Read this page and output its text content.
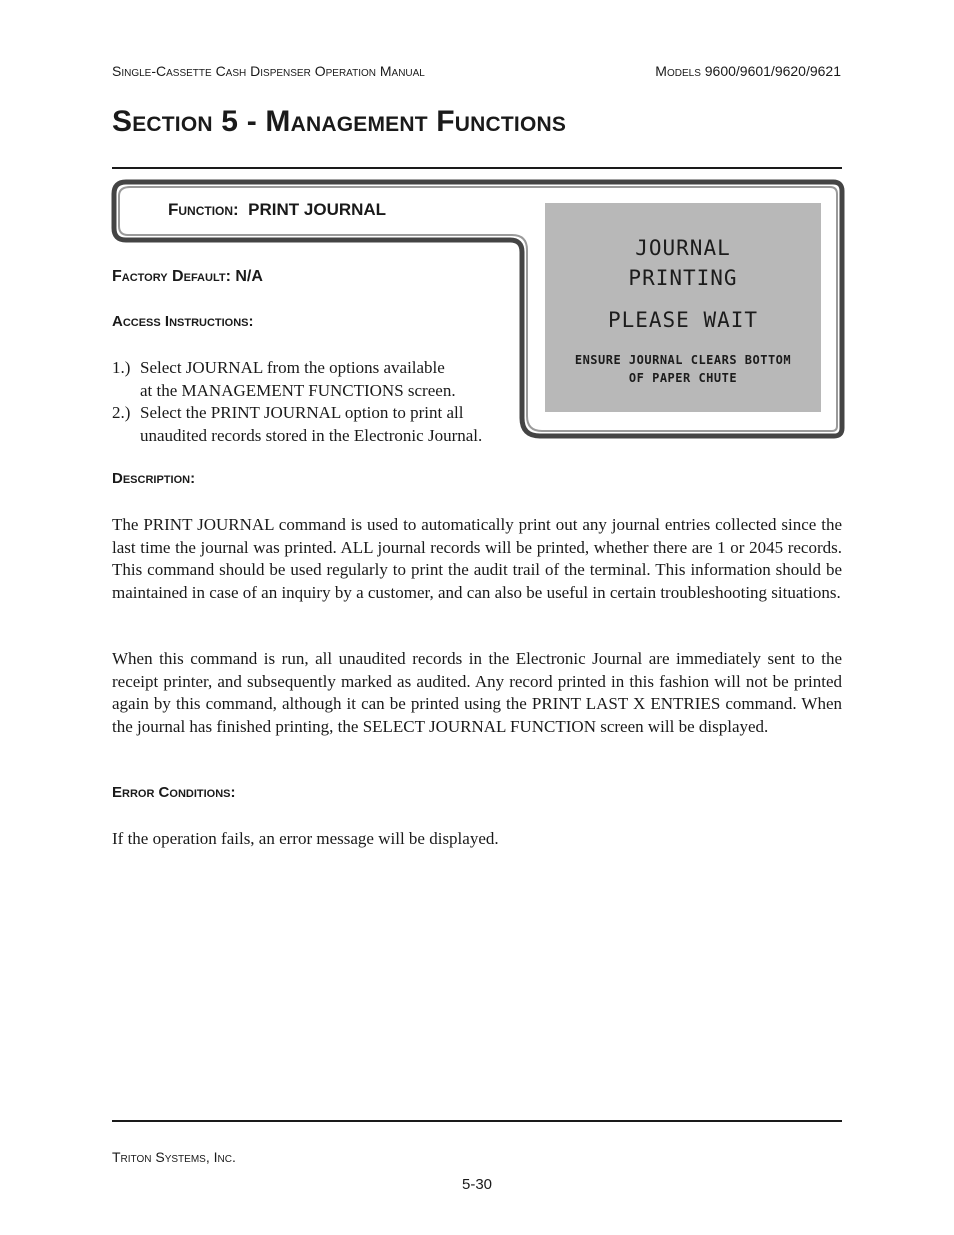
Single-Cassette Cash Dispenser Operation Manual	Models 9600/9601/9620/9621
Section 5 - Management Functions
Function: PRINT JOURNAL
JOURNAL
PRINTING
PLEASE WAIT
ENSURE JOURNAL CLEARS BOTTOM
OF PAPER CHUTE
Factory Default: N/A
Access Instructions:
1.) Select JOURNAL from the options available
at the MANAGEMENT FUNCTIONS screen.
2.) Select the PRINT JOURNAL option to print all
unaudited records stored in the Electronic Journal.
Description:
The PRINT JOURNAL command is used to automatically print out any journal entries collected since the last time the journal was printed. ALL journal records will be printed, whether there are 1 or 2045 records. This command should be used regularly to print the audit trail of the terminal. This information should be maintained in case of an inquiry by a customer, and can also be useful in certain troubleshooting situations.
When this command is run, all unaudited records in the Electronic Journal are immediately sent to the receipt printer, and subsequently marked as audited. Any record printed in this fashion will not be printed again by this command, although it can be printed using the PRINT LAST X ENTRIES command. When the journal has finished printing, the SELECT JOURNAL FUNCTION screen will be displayed.
Error Conditions:
If the operation fails, an error message will be displayed.
Triton Systems, Inc.
5-30
